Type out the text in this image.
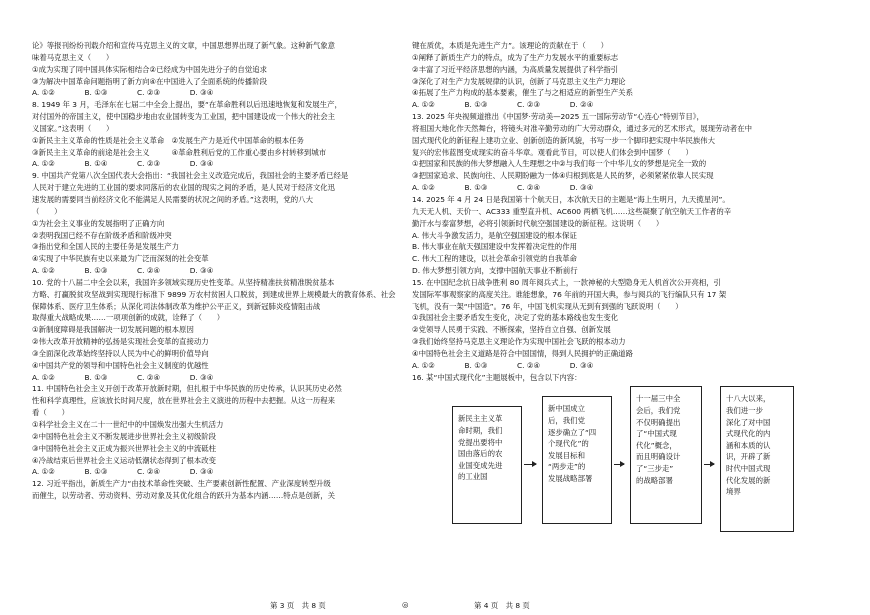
论》等报刊纷纷刊载介绍和宣传马克思主义的文章，中国思想界出现了新气象。这种新气象意
味着马克思主义（　　）
①成为实现了同中国具体实际相结合②已经成为中国先进分子的自觉追求
③为解决中国革命问题指明了新方向④在中国进入了全面系统的传播阶段
A. ①②　　　　B. ①③　　　　C. ②③　　　　D. ③④
8. 1949 年 3 月，毛泽东在七届二中全会上提出，要“在革命胜利以后迅速地恢复和发展生产，
对付国外的帝国主义，使中国稳步地由农业国转变为工业国，把中国建设成一个伟大的社会主
义国家。”这表明（　　）
①新民主主义革命的性质是社会主义革命　②发展生产力是近代中国革命的根本任务
③新民主主义革命的前途是社会主义　　　④革命胜利后党的工作重心要由乡村转移到城市
A. ①②　　　　B. ①④　　　　C. ②③　　　　D. ③④
9. 中国共产党第八次全国代表大会指出：“我国社会主义改造完成后，我国社会的主要矛盾已经是
人民对于建立先进的工业国的要求同落后的农业国的现实之间的矛盾，是人民对于经济文化迅
速发展的需要同当前经济文化不能满足人民需要的状况之间的矛盾。”这表明，党的八大
（　　）
①为社会主义事业的发展指明了正确方向
②表明我国已经不存在阶级矛盾和阶级冲突
③指出党和全国人民的主要任务是发展生产力
④实现了中华民族有史以来最为广泛而深刻的社会变革
A. ①②　　　　B. ①③　　　　C. ②④　　　　D. ③④
10. 党的十八届二中全会以来，我国许多领域实现历史性变革。从坚持精准扶贫精准脱贫基本
方略、打赢脱贫攻坚战到实现现行标准下 9899 万农村贫困人口脱贫，到建成世界上规模最大的教育体系、社会
保障体系、医疗卫生体系；从深化司法体制改革为维护公平正义，到新冠肺炎疫情阻击战
取得重大战略成果……一项项创新的成就，诠释了（　　）
①新制度障碍是我国解决一切发展问题的根本原因
②伟大改革开放精神的弘扬是实现社会变革的直接动力
③全面深化改革始终坚持以人民为中心的鲜明价值导向
④中国共产党的领导和中国特色社会主义制度的优越性
A. ①②　　　　B. ①③　　　　C. ②④　　　　D. ③④
11. 中国特色社会主义开创于改革开放新时期，但扎根于中华民族的历史传承，认识其历史必然
性和科学真理性，应该放长时间尺度，放在世界社会主义演进的历程中去把握。从这一历程来
看（　　）
①科学社会主义在二十一世纪中的中国焕发出强大生机活力
②中国特色社会主义不断发展进步世界社会主义初级阶段
③中国特色社会主义正成为振兴世界社会主义的中流砥柱
④冷战结束后世界社会主义运动低潮状态得到了根本改变
A. ①②　　　　B. ①③　　　　C. ②④　　　　D. ③④
12. 习近平指出，新质生产力“由技术革命性突破、生产要素创新性配置、产业深度转型升级
而催生，以劳动者、劳动资料、劳动对象及其优化组合的跃升为基本内涵……特点是创新，关
键在质优，本质是先进生产力”。该理论的贡献在于（　　）
①阐释了新质生产力的特点，成为了生产力发展水平的重要标志
②丰富了习近平经济思想的内涵，为高质量发展提供了科学指引
③深化了对生产力发展规律的认识，创新了马克思主义生产力理论
④拓展了生产力构成的基本要素，催生了与之相适应的新型生产关系
A. ①②　　　　B. ①③　　　　C. ②③　　　　D. ②④
13. 2025 年央视频道推出《中国梦·劳动美—2025 五一国际劳动节“心连心”特别节目》，
将祖国大地化作天然舞台，将镜头对准辛勤劳动的广大劳动群众，通过多元的艺术形式，展现劳动者在中
国式现代化的新征程上建功立业、创新创造的新风貌，书写一步一个脚印把实现中华民族伟大
复兴的宏伟蓝图变成现实的奋斗华章。观看此节目，可以使人们体会到中国梦（　　）
①把国家和民族的伟大梦想融入人生理想之中②与我们每一个中华儿女的梦想是完全一致的
③把国家追求、民族向往、人民期盼融为一体④归根到底是人民的梦，必须紧紧依靠人民实现
A. ①②　　　　B. ①③　　　　C. ②④　　　　D. ③④
14. 2025 年 4 月 24 日是我国第十个航天日，本次航天日的主题是“海上生明月，九天揽星河”。
九天无人机、天价一、AC333 重型直升机、AC600 两栖飞机……这些凝聚了航空航天工作者的辛
勤汗水与泰富梦想，必将引领新时代航空强国建设的新征程。这说明（　　）
A. 伟大斗争激发活力，是航空强国建设的根本保证
B. 伟大事业在航天强国建设中发挥着决定性的作用
C. 伟大工程的建设，以社会革命引领党的自我革命
D. 伟大梦想引领方向，支撑中国航天事业不断前行
15. 在中国纪念抗日战争胜利 80 周年阅兵式上，一款神秘的大型隐身无人机首次公开亮相，引
发国际军事观察家的高度关注。谁能想象，76 年前的开国大典，参与阅兵的飞行编队只有 17 架
飞机，没有一架“中国造”。76 年，中国飞机实现从无到有到强的飞跃说明（　　）
①我国社会主要矛盾发生变化，决定了党的基本路线也发生变化
②党领导人民勇于实践、不断探索，坚持自立自强、创新发展
③我们始终坚持马克思主义理论作为实现中国社会飞跃的根本动力
④中国特色社会主义道路是符合中国国情，得到人民拥护的正确道路
A. ①②　　　　B. ①③　　　　C. ②④　　　　D. ③④
16. 某“中国式现代化”主题展板中，包含以下内容：
新民主主义革
命时期，我们
党提出要将中
国由落后的农
业国变成先进
的工业国
新中国成立
后，我们党
逐步确立了“四
个现代化”的
发展目标和
“两步走”的
发展战略部署
十一届三中全
会后，我们党
不仅明确提出
了“中国式现
代化”概念，
而且明确设计
了“三步走”
的战略部署
十八大以来，
我们进一步
深化了对中国
式现代化的内
涵和本质的认
识，开辟了新
时代中国式现
代化发展的新
境界
第 3 页　共 8 页	◎	第 4 页　共 8 页
